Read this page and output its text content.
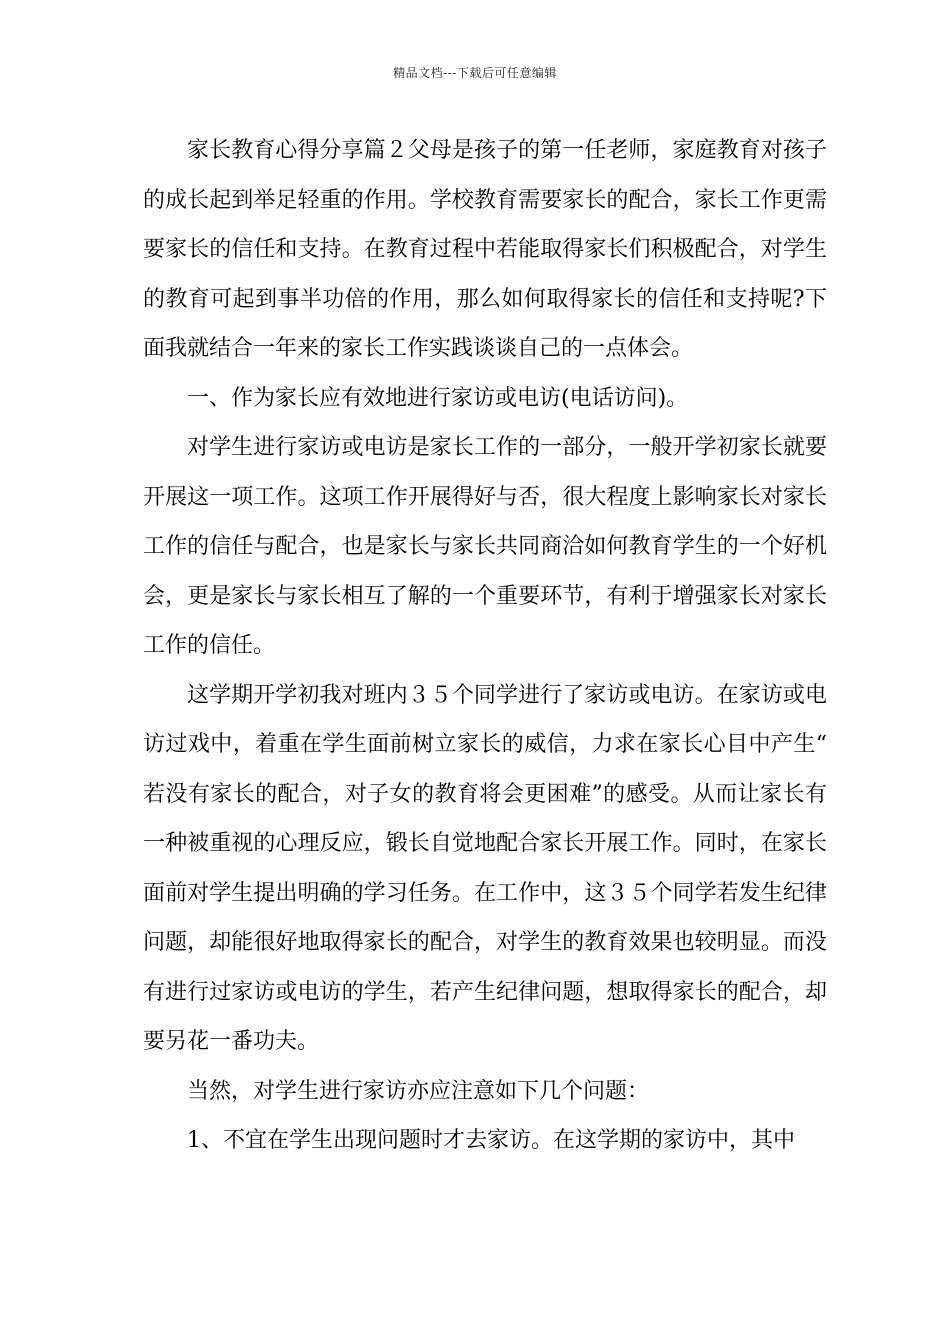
精品文档---下载后可任意编辑

家长教育心得分享篇２父母是孩子的第一任老师，家庭教育对孩子的成长起到举足轻重的作用。学校教育需要家长的配合，家长工作更需要家长的信任和支持。在教育过程中若能取得家长们积极配合，对学生的教育可起到事半功倍的作用，那么如何取得家长的信任和支持呢?下面我就结合一年来的家长工作实践谈谈自己的一点体会。

一、作为家长应有效地进行家访或电访(电话访问)。

对学生进行家访或电访是家长工作的一部分，一般开学初家长就要开展这一项工作。这项工作开展得好与否，很大程度上影响家长对家长工作的信任与配合，也是家长与家长共同商洽如何教育学生的一个好机会，更是家长与家长相互了解的一个重要环节，有利于增强家长对家长工作的信任。

这学期开学初我对班内３５个同学进行了家访或电访。在家访或电访过戏中，着重在学生面前树立家长的威信，力求在家长心目中产生“若没有家长的配合，对子女的教育将会更困难”的感受。从而让家长有一种被重视的心理反应，锻长自觉地配合家长开展工作。同时，在家长面前对学生提出明确的学习任务。在工作中，这３５个同学若发生纪律问题，却能很好地取得家长的配合，对学生的教育效果也较明显。而没有进行过家访或电访的学生，若产生纪律问题，想取得家长的配合，却要另花一番功夫。

当然，对学生进行家访亦应注意如下几个问题：

1、不宜在学生出现问题时才去家访。在这学期的家访中，其中
